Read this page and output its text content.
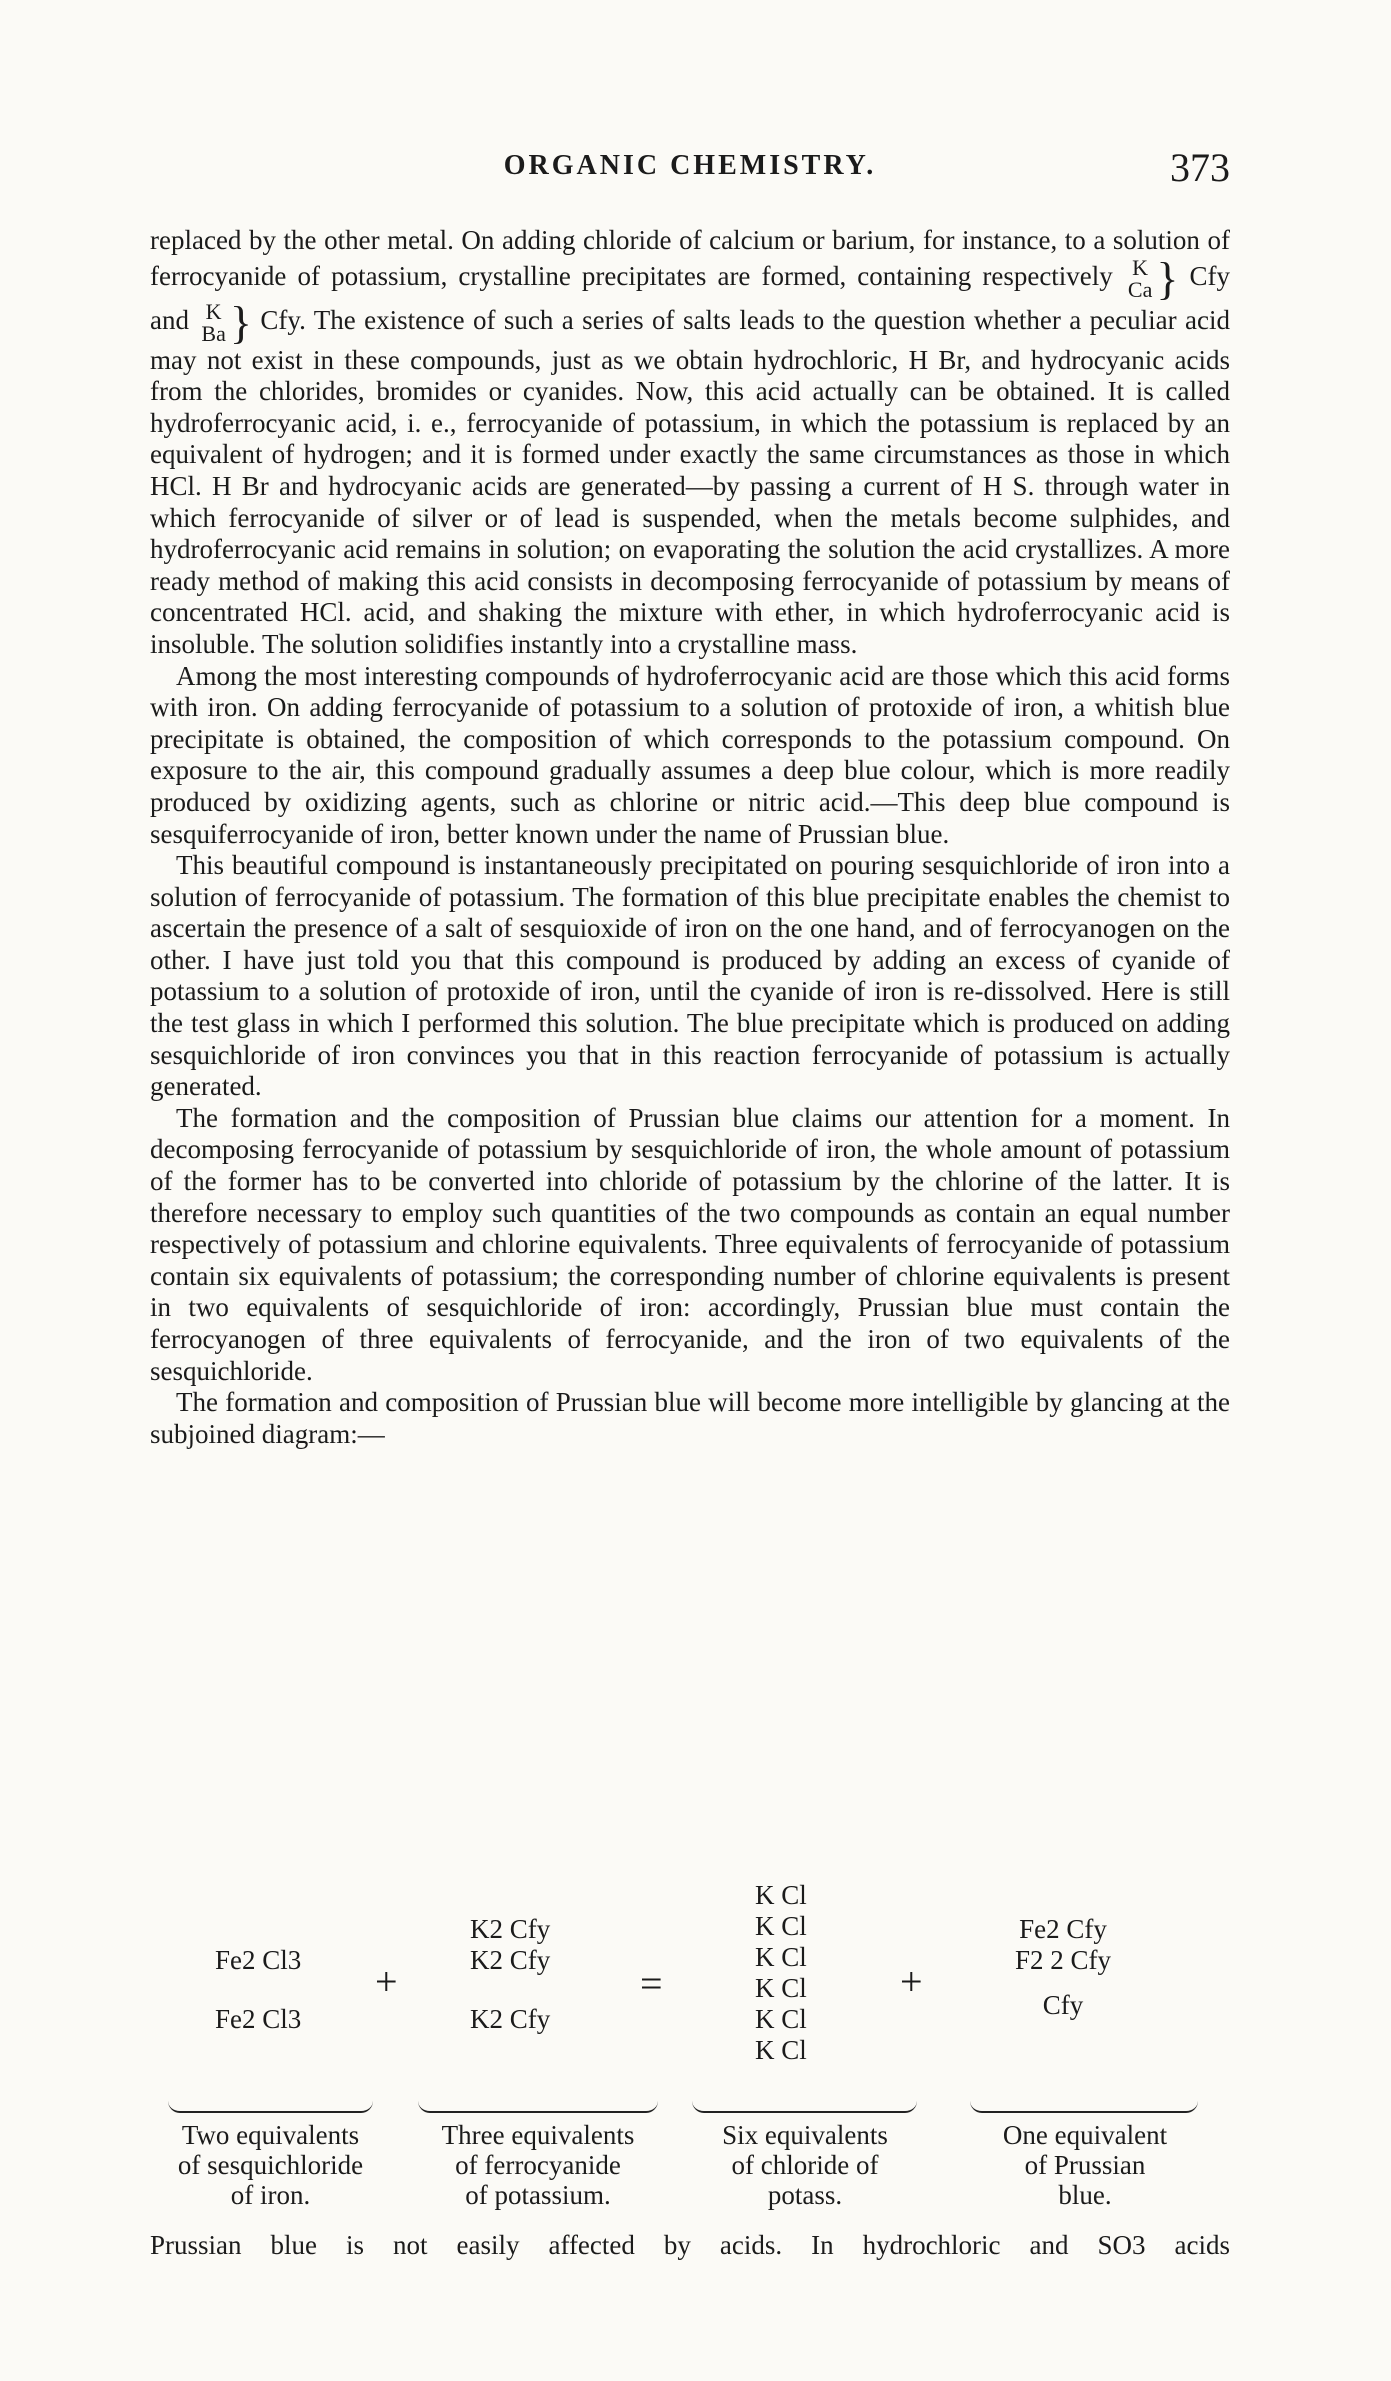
ORGANIC CHEMISTRY.	373

replaced by the other metal. On adding chloride of calcium or barium, for instance, to a solution of ferrocyanide of potassium, crystalline precipitates are formed, containing respectively K
Ca } Cfy and K
Ba } Cfy. The existence of such a series of salts leads to the question whether a peculiar acid may not exist in these compounds, just as we obtain hydrochloric, H Br, and hydrocyanic acids from the chlorides, bromides or cyanides. Now, this acid actually can be obtained. It is called hydroferrocyanic acid, i. e., ferrocyanide of potassium, in which the potassium is replaced by an equivalent of hydrogen; and it is formed under exactly the same circumstances as those in which HCl. H Br and hydrocyanic acids are generated—by passing a current of H S. through water in which ferrocyanide of silver or of lead is suspended, when the metals become sulphides, and hydroferrocyanic acid remains in solution; on evaporating the solution the acid crystallizes. A more ready method of making this acid consists in decomposing ferrocyanide of potassium by means of concentrated HCl. acid, and shaking the mixture with ether, in which hydroferrocyanic acid is insoluble. The solution solidifies instantly into a crystalline mass.

Among the most interesting compounds of hydroferrocyanic acid are those which this acid forms with iron. On adding ferrocyanide of potassium to a solution of protoxide of iron, a whitish blue precipitate is obtained, the composition of which corresponds to the potassium compound. On exposure to the air, this compound gradually assumes a deep blue colour, which is more readily produced by oxidizing agents, such as chlorine or nitric acid.—This deep blue compound is sesquiferrocyanide of iron, better known under the name of Prussian blue.

This beautiful compound is instantaneously precipitated on pouring sesquichloride of iron into a solution of ferrocyanide of potassium. The formation of this blue precipitate enables the chemist to ascertain the presence of a salt of sesquioxide of iron on the one hand, and of ferrocyanogen on the other. I have just told you that this compound is produced by adding an excess of cyanide of potassium to a solution of protoxide of iron, until the cyanide of iron is re-dissolved. Here is still the test glass in which I performed this solution. The blue precipitate which is produced on adding sesquichloride of iron convinces you that in this reaction ferrocyanide of potassium is actually generated.

The formation and the composition of Prussian blue claims our attention for a moment. In decomposing ferrocyanide of potassium by sesquichloride of iron, the whole amount of potassium of the former has to be converted into chloride of potassium by the chlorine of the latter. It is therefore necessary to employ such quantities of the two compounds as contain an equal number respectively of potassium and chlorine equivalents. Three equivalents of ferrocyanide of potassium contain six equivalents of potassium; the corresponding number of chlorine equivalents is present in two equivalents of sesquichloride of iron: accordingly, Prussian blue must contain the ferrocyanogen of three equivalents of ferrocyanide, and the iron of two equivalents of the sesquichloride.

The formation and composition of Prussian blue will become more intelligible by glancing at the subjoined diagram:—

Fe2 Cl3
Fe2 Cl3
+
K2 Cfy
K2 Cfy
K2 Cfy
=
K Cl
K Cl
K Cl
K Cl
K Cl
K Cl
+
Fe2 Cfy
F2 2 Cfy
Cfy
Two equivalents
of sesquichloride
of iron.
Three equivalents
of ferrocyanide
of potassium.
Six equivalents
of chloride of
potass.
One equivalent
of Prussian
blue.
Prussian blue is not easily affected by acids. In hydrochloric and SO3 acids
